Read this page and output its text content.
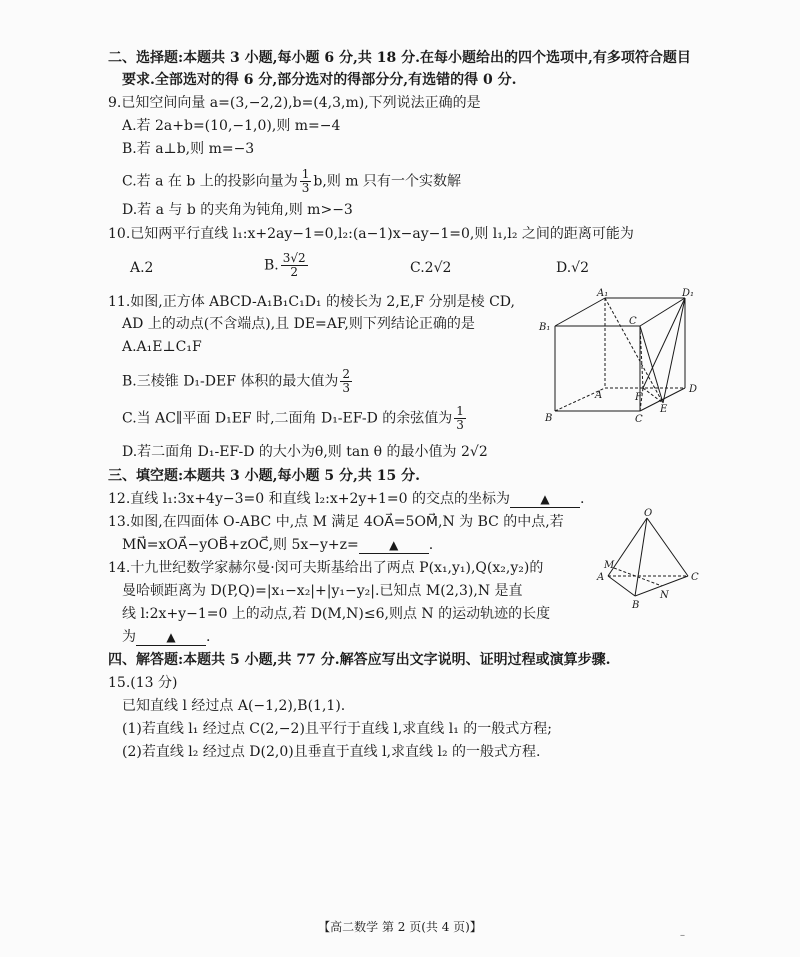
二、选择题:本题共 3 小题,每小题 6 分,共 18 分.在每小题给出的四个选项中,有多项符合题目
要求.全部选对的得 6 分,部分选对的得部分分,有选错的得 0 分.
9.已知空间向量 a=(3,−2,2),b=(4,3,m),下列说法正确的是
A.若 2a+b=(10,−1,0),则 m=−4
B.若 a⊥b,则 m=−3
C.若 a 在 b 上的投影向量为 $\frac{1}{3} b$,则 m 只有一个实数解
D.若 a 与 b 的夹角为钝角,则 m>−3
10.已知两平行直线 l₁:x+2ay−1=0,l₂:(a−1)x−ay−1=0,则 l₁,l₂ 之间的距离可能为
A.2	B. $\frac{3√2}{2}$	C.2√2	D.√2
11.如图,正方体 ABCD-A₁B₁C₁D₁ 的棱长为 2,E,F 分别是棱 CD,
AD 上的动点(不含端点),且 DE=AF,则下列结论正确的是
A.A₁E⊥C₁F
B.三棱锥 D₁-DEF 体积的最大值为 $\frac{2}{3}$
C.当 AC∥平面 D₁EF 时,二面角 D₁-EF-D 的余弦值为 $\frac{1}{3}$
D.若二面角 D₁-EF-D 的大小为θ,则 tan θ 的最小值为 2√2
A₁	D₁
B₁
C
A
B	C
D
E
F
三、填空题:本题共 3 小题,每小题 5 分,共 15 分.
12.直线 l₁:3x+4y−3=0 和直线 l₂:x+2y+1=0 的交点的坐标为	▲ .
13.如图,在四面体 O-ABC 中,点 M 满足 4OA⃗=5OM⃗,N 为 BC 的中点,若
MN⃗=xOA⃗−yOB⃗+zOC⃗,则 5x−y+z=	▲ .
O
A
B
C
M
N
14.十九世纪数学家赫尔曼·闵可夫斯基给出了两点 P(x₁,y₁),Q(x₂,y₂)的
曼哈顿距离为 D(P,Q)=|x₁−x₂|+|y₁−y₂|.已知点 M(2,3),N 是直
线 l:2x+y−1=0 上的动点,若 D(M,N)≤6,则点 N 的运动轨迹的长度
为	▲ .
四、解答题:本题共 5 小题,共 77 分.解答应写出文字说明、证明过程或演算步骤.
15.(13 分)
已知直线 l 经过点 A(−1,2),B(1,1).
(1)若直线 l₁ 经过点 C(2,−2)且平行于直线 l,求直线 l₁ 的一般式方程;
(2)若直线 l₂ 经过点 D(2,0)且垂直于直线 l,求直线 l₂ 的一般式方程.
【高二数学 第 2 页(共 4 页)】
–
